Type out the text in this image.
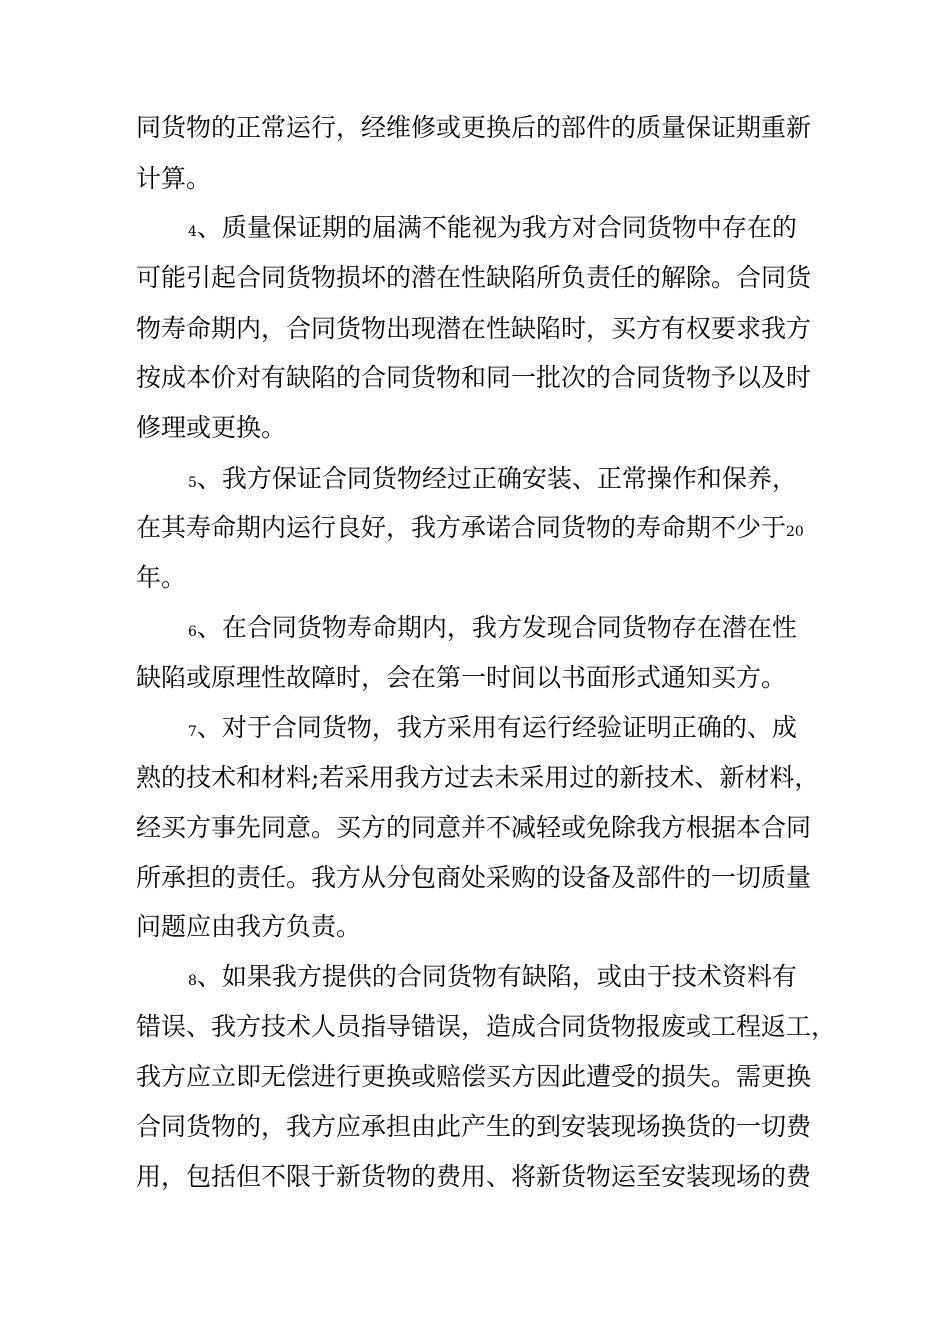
同货物的正常运行，经维修或更换后的部件的质量保证期重新
计算。
4、质量保证期的届满不能视为我方对合同货物中存在的
可能引起合同货物损坏的潜在性缺陷所负责任的解除。合同货
物寿命期内，合同货物出现潜在性缺陷时，买方有权要求我方
按成本价对有缺陷的合同货物和同一批次的合同货物予以及时
修理或更换。
5、我方保证合同货物经过正确安装、正常操作和保养，
在其寿命期内运行良好，我方承诺合同货物的寿命期不少于20
年。
6、在合同货物寿命期内，我方发现合同货物存在潜在性
缺陷或原理性故障时，会在第一时间以书面形式通知买方。
7、对于合同货物，我方采用有运行经验证明正确的、成
熟的技术和材料;若采用我方过去未采用过的新技术、新材料，
经买方事先同意。买方的同意并不减轻或免除我方根据本合同
所承担的责任。我方从分包商处采购的设备及部件的一切质量
问题应由我方负责。
8、如果我方提供的合同货物有缺陷，或由于技术资料有
错误、我方技术人员指导错误，造成合同货物报废或工程返工，
我方应立即无偿进行更换或赔偿买方因此遭受的损失。需更换
合同货物的，我方应承担由此产生的到安装现场换货的一切费
用，包括但不限于新货物的费用、将新货物运至安装现场的费
